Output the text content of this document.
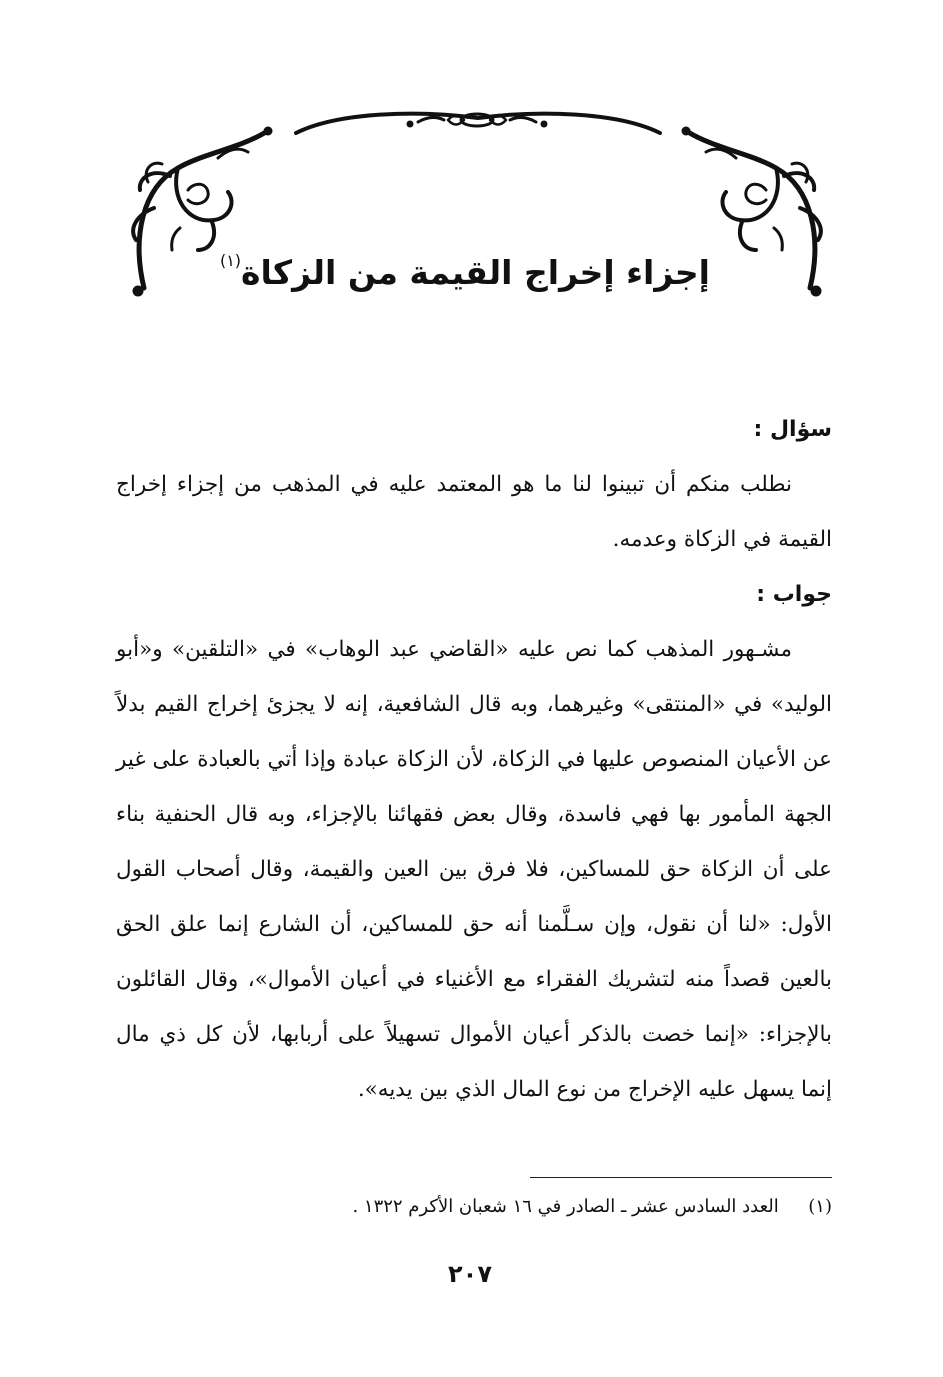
إجزاء إخراج القيمة من الزكاة$^{(١)}$

سؤال :

نطلب منكم أن تبينوا لنا ما هو المعتمد عليه في المذهب من إجزاء إخراج القيمة في الزكاة وعدمه.

جواب :

مشـهور المذهب كما نص عليه «القاضي عبد الوهاب» في «التلقين» و«أبو الوليد» في «المنتقى» وغيرهما، وبه قال الشافعية، إنه لا يجزئ إخراج القيم بدلاً عن الأعيان المنصوص عليها في الزكاة، لأن الزكاة عبادة وإذا أتي بالعبادة على غير الجهة المأمور بها فهي فاسدة، وقال بعض فقهائنا بالإجزاء، وبه قال الحنفية بناء على أن الزكاة حق للمساكين، فلا فرق بين العين والقيمة، وقال أصحاب القول الأول: «لنا أن نقول، وإن سـلَّمنا أنه حق للمساكين، أن الشارع إنما علق الحق بالعين قصداً منه لتشريك الفقراء مع الأغنياء في أعيان الأموال»، وقال القائلون بالإجزاء: «إنما خصت بالذكر أعيان الأموال تسهيلاً على أربابها، لأن كل ذي مال إنما يسهل عليه الإخراج من نوع المال الذي بين يديه».

(١)   العدد السادس عشر ـ الصادر في ١٦ شعبان الأكرم ١٣٢٢ .
٢٠٧
